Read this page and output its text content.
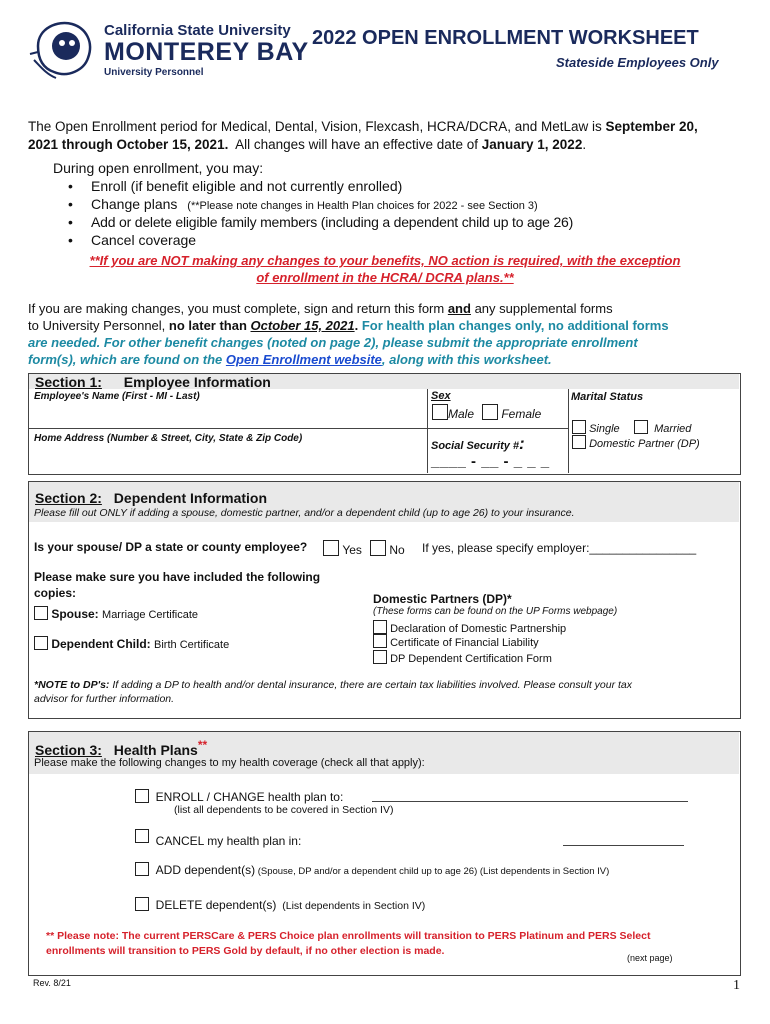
California State University
MONTEREY BAY
University Personnel
2022 OPEN ENROLLMENT WORKSHEET
Stateside Employees Only
The Open Enrollment period for Medical, Dental, Vision, Flexcash, HCRA/DCRA, and MetLaw is September 20,
2021 through October 15, 2021.  All changes will have an effective date of January 1, 2022.
During open enrollment, you may:
• Enroll (if benefit eligible and not currently enrolled)
• Change plans (**Please note changes in Health Plan choices for 2022 - see Section 3)
• Add or delete eligible family members (including a dependent child up to age 26)
• Cancel coverage
**If you are NOT making any changes to your benefits, NO action is required, with the exception
of enrollment in the HCRA/ DCRA plans.**
If you are making changes, you must complete, sign and return this form and any supplemental forms
to University Personnel, no later than October 15, 2021. For health plan changes only, no additional forms
are needed. For other benefit changes (noted on page 2), please submit the appropriate enrollment
form(s), which are found on the Open Enrollment website, along with this worksheet.
Section 1: Employee Information
Employee's Name (First - MI - Last)	Sex
Male	Female
Marital Status
Single	Married
Domestic Partner (DP)
Home Address (Number & Street, City, State & Zip Code)
Social Security #:
____ - __ - _ _ _
Section 2: Dependent Information
Please fill out ONLY if adding a spouse, domestic partner, and/or a dependent child (up to age 26) to your insurance.
Is your spouse/ DP a state or county employee?	Yes	No If yes, please specify employer:________________
Please make sure you have included the following
copies:
Spouse: Marriage Certificate
Dependent Child: Birth Certificate
Domestic Partners (DP)*
(These forms can be found on the UP Forms webpage)
Declaration of Domestic Partnership
Certificate of Financial Liability
DP Dependent Certification Form
*NOTE to DP's: If adding a DP to health and/or dental insurance, there are certain tax liabilities involved. Please consult your tax
advisor for further information.
Section 3: Health Plans**
Please make the following changes to my health coverage (check all that apply):
ENROLL / CHANGE health plan to:
(list all dependents to be covered in Section IV)
CANCEL my health plan in:
ADD dependent(s) (Spouse, DP and/or a dependent child up to age 26) (List dependents in Section IV)
DELETE dependent(s)  (List dependents in Section IV)
** Please note: The current PERSCare & PERS Choice plan enrollments will transition to PERS Platinum and PERS Select
enrollments will transition to PERS Gold by default, if no other election is made.
(next page)
Rev. 8/21	1
